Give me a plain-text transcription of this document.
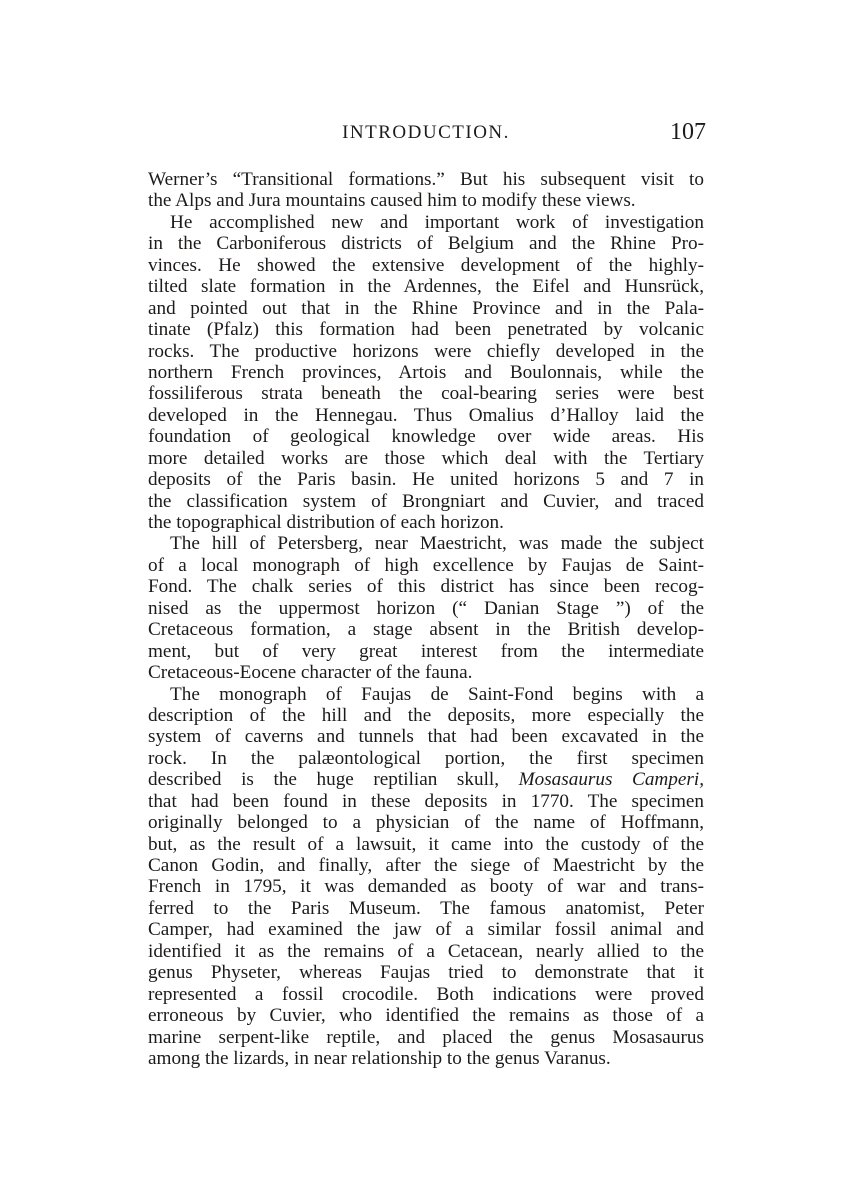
INTRODUCTION.	107
Werner’s “Transitional formations.” But his subsequent visit to
the Alps and Jura mountains caused him to modify these views.
He accomplished new and important work of investigation
in the Carboniferous districts of Belgium and the Rhine Pro-
vinces. He showed the extensive development of the highly-
tilted slate formation in the Ardennes, the Eifel and Hunsrück,
and pointed out that in the Rhine Province and in the Pala-
tinate (Pfalz) this formation had been penetrated by volcanic
rocks. The productive horizons were chiefly developed in the
northern French provinces, Artois and Boulonnais, while the
fossiliferous strata beneath the coal-bearing series were best
developed in the Hennegau. Thus Omalius d’Halloy laid the
foundation of geological knowledge over wide areas. His
more detailed works are those which deal with the Tertiary
deposits of the Paris basin. He united horizons 5 and 7 in
the classification system of Brongniart and Cuvier, and traced
the topographical distribution of each horizon.
The hill of Petersberg, near Maestricht, was made the subject
of a local monograph of high excellence by Faujas de Saint-
Fond. The chalk series of this district has since been recog-
nised as the uppermost horizon (“ Danian Stage ”) of the
Cretaceous formation, a stage absent in the British develop-
ment, but of very great interest from the intermediate
Cretaceous-Eocene character of the fauna.
The monograph of Faujas de Saint-Fond begins with a
description of the hill and the deposits, more especially the
system of caverns and tunnels that had been excavated in the
rock. In the palæontological portion, the first specimen
described is the huge reptilian skull, Mosasaurus Camperi,
that had been found in these deposits in 1770. The specimen
originally belonged to a physician of the name of Hoffmann,
but, as the result of a lawsuit, it came into the custody of the
Canon Godin, and finally, after the siege of Maestricht by the
French in 1795, it was demanded as booty of war and trans-
ferred to the Paris Museum. The famous anatomist, Peter
Camper, had examined the jaw of a similar fossil animal and
identified it as the remains of a Cetacean, nearly allied to the
genus Physeter, whereas Faujas tried to demonstrate that it
represented a fossil crocodile. Both indications were proved
erroneous by Cuvier, who identified the remains as those of a
marine serpent-like reptile, and placed the genus Mosasaurus
among the lizards, in near relationship to the genus Varanus.
